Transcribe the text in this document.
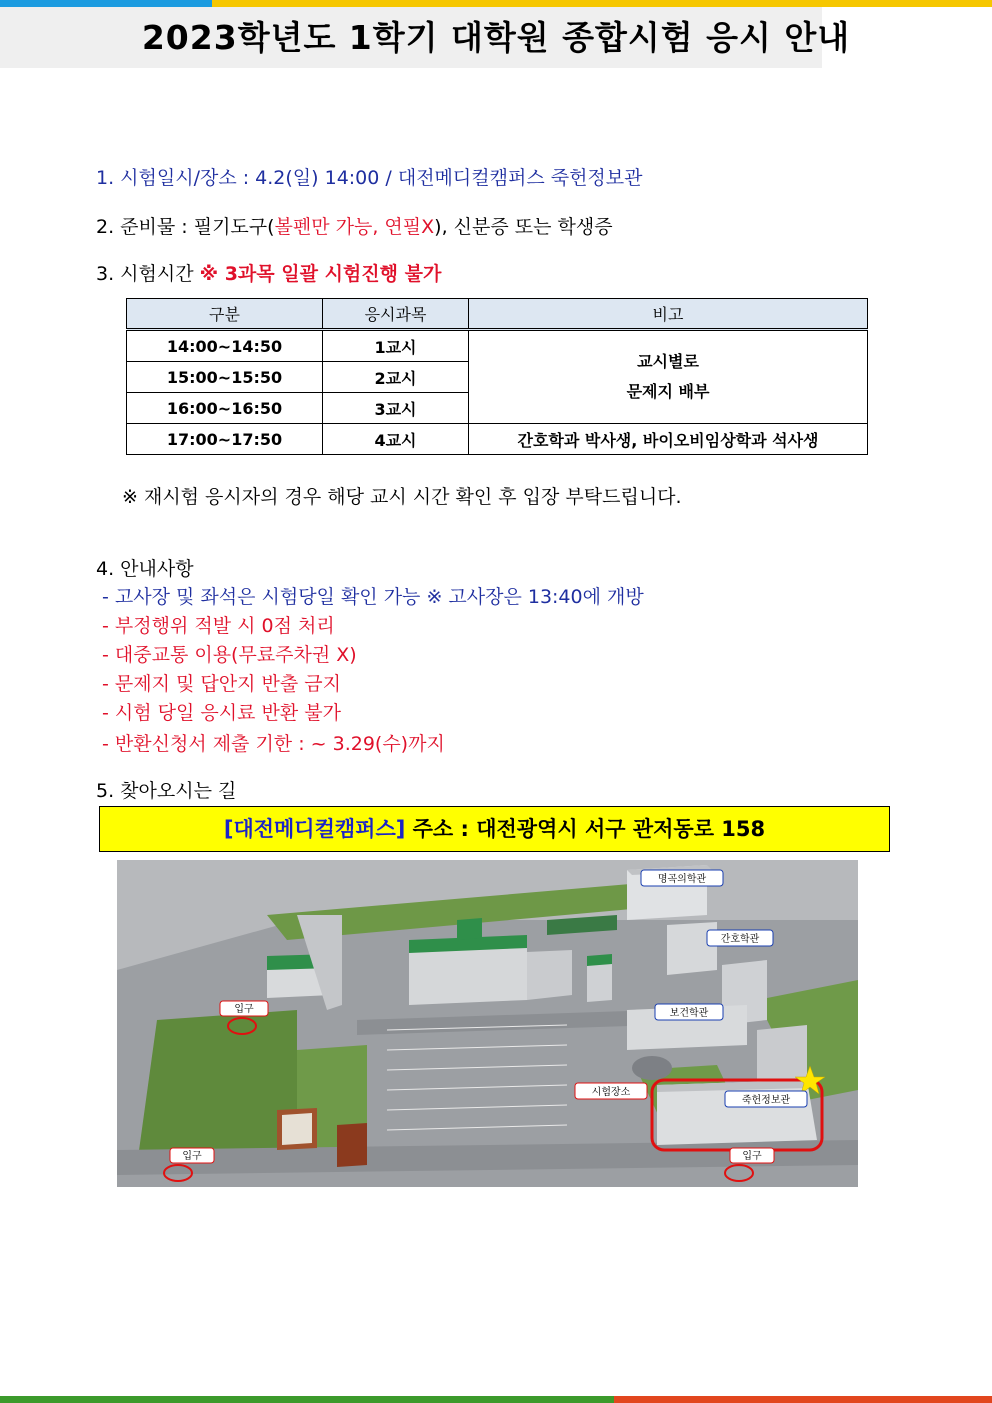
2023학년도 1학기 대학원 종합시험 응시 안내
1. 시험일시/장소 : 4.2(일) 14:00 / 대전메디컬캠퍼스 죽헌정보관
2. 준비물 : 필기도구(볼펜만 가능, 연필X), 신분증 또는 학생증
3. 시험시간 ※ 3과목 일괄 시험진행 불가
구분	응시과목	비고
14:00~14:50	1교시	교시별로
문제지 배부

15:00~15:50	2교시	
16:00~16:50	3교시	
17:00~17:50	4교시	간호학과 박사생, 바이오비임상학과 석사생
※ 재시험 응시자의 경우 해당 교시 시간 확인 후 입장 부탁드립니다.
4. 안내사항
- 고사장 및 좌석은 시험당일 확인 가능 ※ 고사장은 13:40에 개방
- 부정행위 적발 시 0점 처리
- 대중교통 이용(무료주차권 X)
- 문제지 및 답안지 반출 금지
- 시험 당일 응시료 반환 불가
- 반환신청서 제출 기한 : ~ 3.29(수)까지
5. 찾아오시는 길
[대전메디컬캠퍼스] 주소 : 대전광역시 서구 관저동로 158
명곡의학관
간호학관
보건학관
시험장소
죽헌정보관
입구
입구	입구
